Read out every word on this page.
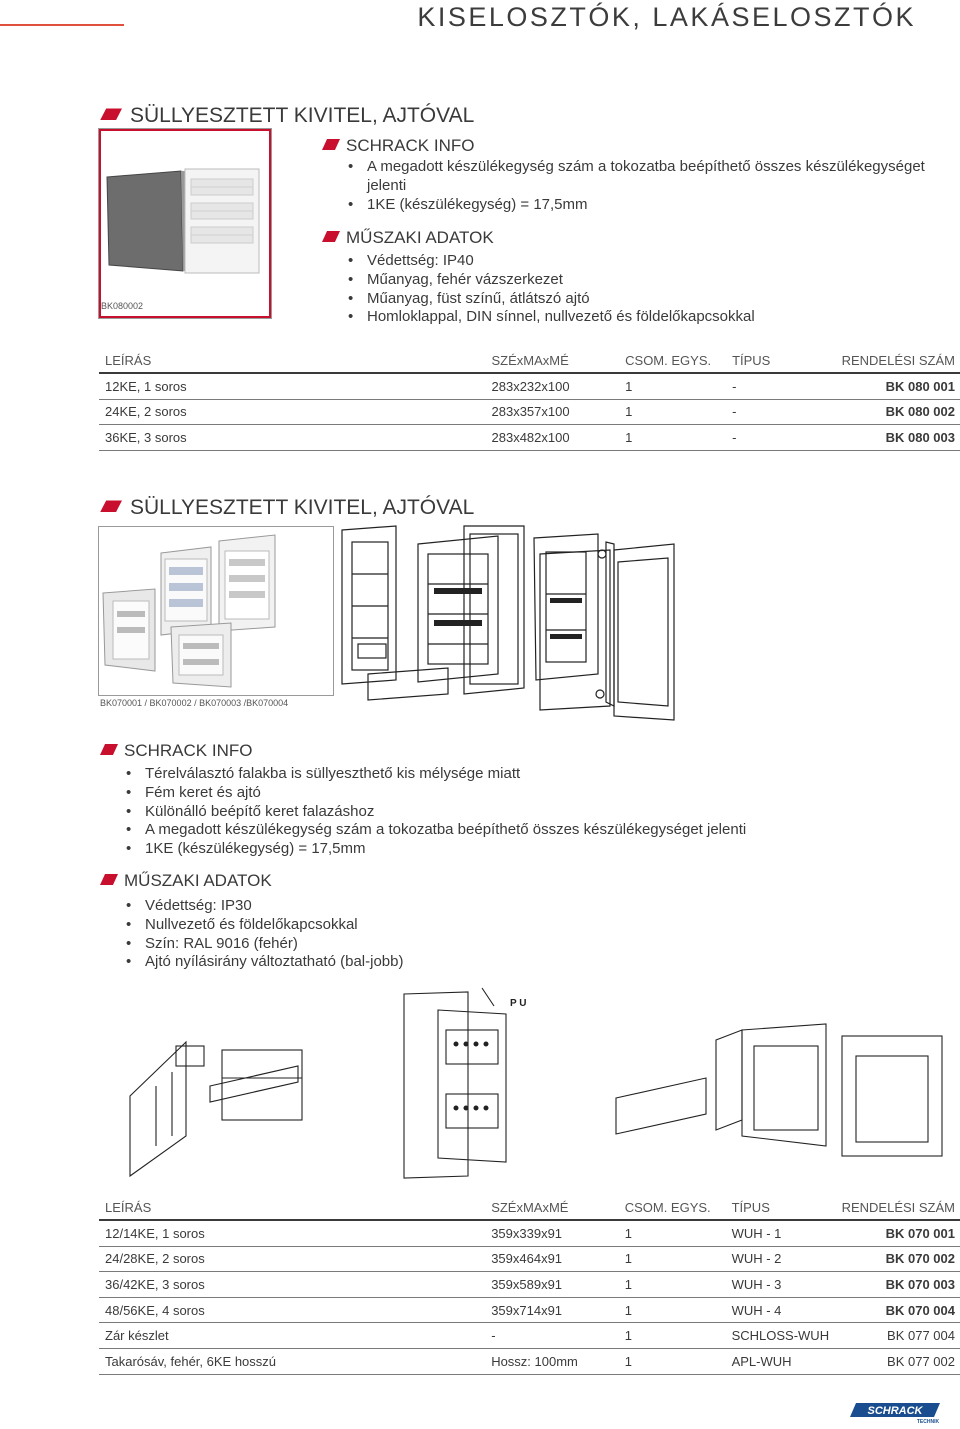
KISELOSZTÓK, LAKÁSELOSZTÓK
SÜLLYESZTETT KIVITEL, AJTÓVAL
BK080002
SCHRACK INFO
• A megadott készülékegység szám a tokozatba beépíthető összes készülékegységet jelenti
• 1KE (készülékegység) = 17,5mm
MŰSZAKI ADATOK
• Védettség: IP40
• Műanyag, fehér vázszerkezet
• Műanyag, füst színű, átlátszó ajtó
• Homloklappal, DIN sínnel, nullvezető és földelőkapcsokkal
LEÍRÁS	SZÉxMAxMÉ	CSOM. EGYS.	TÍPUS	RENDELÉSI SZÁM
12KE, 1 soros	283x232x100	1	-	BK 080 001
24KE, 2 soros	283x357x100	1	-	BK 080 002
36KE, 3 soros	283x482x100	1	-	BK 080 003
SÜLLYESZTETT KIVITEL, AJTÓVAL
BK070001 / BK070002 / BK070003 /BK070004
SCHRACK INFO
• Térelválasztó falakba is süllyeszthető kis mélysége miatt
• Fém keret és ajtó
• Különálló beépítő keret falazáshoz
• A megadott készülékegység szám a tokozatba beépíthető összes készülékegységet jelenti
• 1KE (készülékegység) = 17,5mm
MŰSZAKI ADATOK
• Védettség: IP30
• Nullvezető és földelőkapcsokkal
• Szín: RAL 9016 (fehér)
• Ajtó nyílásirány változtatható (bal-jobb)
P U
LEÍRÁS	SZÉxMAxMÉ	CSOM. EGYS.	TÍPUS	RENDELÉSI SZÁM
12/14KE, 1 soros	359x339x91	1	WUH - 1	BK 070 001
24/28KE, 2 soros	359x464x91	1	WUH - 2	BK 070 002
36/42KE, 3 soros	359x589x91	1	WUH - 3	BK 070 003
48/56KE, 4 soros	359x714x91	1	WUH - 4	BK 070 004
Zár készlet	-	1	SCHLOSS-WUH	BK 077 004
Takarósáv, fehér, 6KE hosszú	Hossz: 100mm	1	APL-WUH	BK 077 002
SCHRACK
TECHNIK
